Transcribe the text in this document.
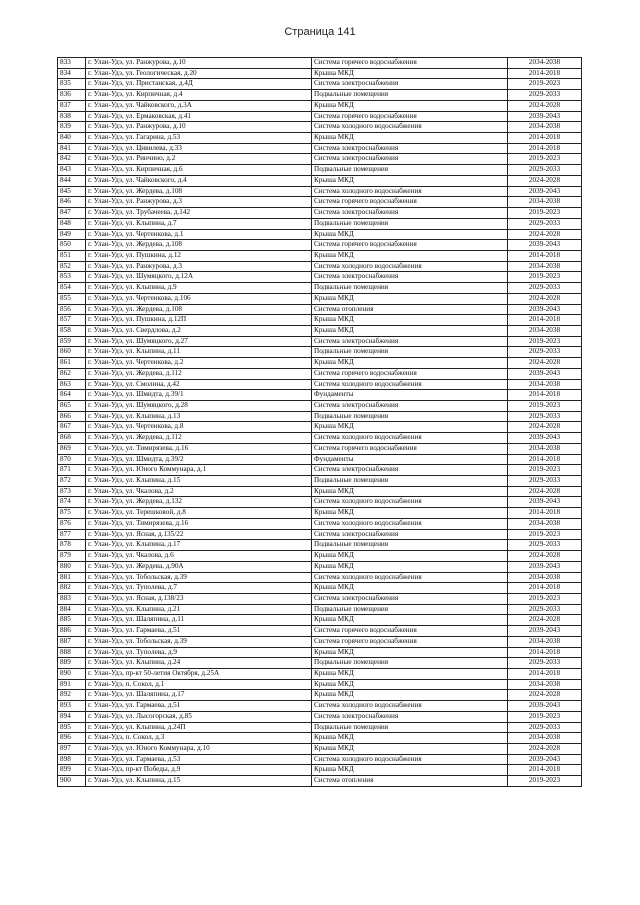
Страница 141
833	г. Улан-Удэ, ул. Ранжурова, д.10	Система горячего водоснабжения	2034-2038
834	г. Улан-Удэ, ул. Геологическая, д.20	Крыша МКД	2014-2018
835	г. Улан-Удэ, ул. Пристанская, д.4Д	Система электроснабжения	2019-2023
836	г. Улан-Удэ, ул. Кирпичная, д.4	Подвальные помещения	2029-2033
837	г. Улан-Удэ, ул. Чайковского, д.3А	Крыша МКД	2024-2028
838	г. Улан-Удэ, ул. Ермаковская, д.41	Система горячего водоснабжения	2039-2043
839	г. Улан-Удэ, ул. Ранжурова, д.10	Система холодного водоснабжения	2034-2038
840	г. Улан-Удэ, ул. Гагарина, д.53	Крыша МКД	2014-2018
841	г. Улан-Удэ, ул. Цивилева, д.33	Система электроснабжения	2014-2018
842	г. Улан-Удэ, ул. Ринчино, д.2	Система электроснабжения	2019-2023
843	г. Улан-Удэ, ул. Кирпичная, д.6	Подвальные помещения	2029-2033
844	г. Улан-Удэ, ул. Чайковского, д.4	Крыша МКД	2024-2028
845	г. Улан-Удэ, ул. Жердева, д.108	Система холодного водоснабжения	2039-2043
846	г. Улан-Удэ, ул. Ранжурова, д.3	Система горячего водоснабжения	2034-2038
847	г. Улан-Удэ, ул. Трубачеева, д.142	Система электроснабжения	2019-2023
848	г. Улан-Удэ, ул. Клыпина, д.7	Подвальные помещения	2029-2033
849	г. Улан-Удэ, ул. Чертенкова, д.1	Крыша МКД	2024-2028
850	г. Улан-Удэ, ул. Жердева, д.108	Система горячего водоснабжения	2039-2043
851	г. Улан-Удэ, ул. Пушкина, д.12	Крыша МКД	2014-2018
852	г. Улан-Удэ, ул. Ранжурова, д.3	Система холодного водоснабжения	2034-2038
853	г. Улан-Удэ, ул. Шумяцкого, д.12А	Система электроснабжения	2019-2023
854	г. Улан-Удэ, ул. Клыпина, д.9	Подвальные помещения	2029-2033
855	г. Улан-Удэ, ул. Чертенкова, д.106	Крыша МКД	2024-2028
856	г. Улан-Удэ, ул. Жердева, д.108	Система отопления	2039-2043
857	г. Улан-Удэ, ул. Пушкина, д.12П	Крыша МКД	2014-2018
858	г. Улан-Удэ, ул. Свердлова, д.2	Крыша МКД	2034-2038
859	г. Улан-Удэ, ул. Шумяцкого, д.27	Система электроснабжения	2019-2023
860	г. Улан-Удэ, ул. Клыпина, д.11	Подвальные помещения	2029-2033
861	г. Улан-Удэ, ул. Чертенкова, д.2	Крыша МКД	2024-2028
862	г. Улан-Удэ, ул. Жердева, д.112	Система горячего водоснабжения	2039-2043
863	г. Улан-Удэ, ул. Смолина, д.42	Система холодного водоснабжения	2034-2038
864	г. Улан-Удэ, ул. Шмидта, д.39/1	Фундаменты	2014-2018
865	г. Улан-Удэ, ул. Шумяцкого, д.28	Система электроснабжения	2019-2023
866	г. Улан-Удэ, ул. Клыпина, д.13	Подвальные помещения	2029-2033
867	г. Улан-Удэ, ул. Чертенкова, д.8	Крыша МКД	2024-2028
868	г. Улан-Удэ, ул. Жердева, д.112	Система холодного водоснабжения	2039-2043
869	г. Улан-Удэ, ул. Тимирязева, д.16	Система горячего водоснабжения	2034-2038
870	г. Улан-Удэ, ул. Шмидта, д.39/2	Фундаменты	2014-2018
871	г. Улан-Удэ, ул. Юного Коммунара, д.1	Система электроснабжения	2019-2023
872	г. Улан-Удэ, ул. Клыпина, д.15	Подвальные помещения	2029-2033
873	г. Улан-Удэ, ул. Чкалова, д.2	Крыша МКД	2024-2028
874	г. Улан-Удэ, ул. Жердева, д.132	Система холодного водоснабжения	2039-2043
875	г. Улан-Удэ, ул. Терешковой, д.8	Крыша МКД	2014-2018
876	г. Улан-Удэ, ул. Тимирязева, д.16	Система холодного водоснабжения	2034-2038
877	г. Улан-Удэ, ул. Ясная, д.135/22	Система электроснабжения	2019-2023
878	г. Улан-Удэ, ул. Клыпина, д.17	Подвальные помещения	2029-2033
879	г. Улан-Удэ, ул. Чкалова, д.6	Крыша МКД	2024-2028
880	г. Улан-Удэ, ул. Жердева, д.90А	Крыша МКД	2039-2043
881	г. Улан-Удэ, ул. Тобольская, д.39	Система холодного водоснабжения	2034-2038
882	г. Улан-Удэ, ул. Туполева, д.7	Крыша МКД	2014-2018
883	г. Улан-Удэ, ул. Ясная, д.138/23	Система электроснабжения	2019-2023
884	г. Улан-Удэ, ул. Клыпина, д.21	Подвальные помещения	2029-2033
885	г. Улан-Удэ, ул. Шаляпина, д.11	Крыша МКД	2024-2028
886	г. Улан-Удэ, ул. Гармаева, д.51	Система горячего водоснабжения	2039-2043
887	г. Улан-Удэ, ул. Тобольская, д.39	Система горячего водоснабжения	2034-2038
888	г. Улан-Удэ, ул. Туполева, д.9	Крыша МКД	2014-2018
889	г. Улан-Удэ, ул. Клыпина, д.24	Подвальные помещения	2029-2033
890	г. Улан-Удэ, пр-кт 50-летия Октября, д.25А	Крыша МКД	2014-2018
891	г. Улан-Удэ, п. Сокол, д.1	Крыша МКД	2034-2038
892	г. Улан-Удэ, ул. Шаляпина, д.17	Крыша МКД	2024-2028
893	г. Улан-Удэ, ул. Гармаева, д.51	Система холодного водоснабжения	2039-2043
894	г. Улан-Удэ, ул. Лысогорская, д.85	Система электроснабжения	2019-2023
895	г. Улан-Удэ, ул. Клыпина, д.24П	Подвальные помещения	2029-2033
896	г. Улан-Удэ, п. Сокол, д.3	Крыша МКД	2034-2038
897	г. Улан-Удэ, ул. Юного Коммунара, д.10	Крыша МКД	2024-2028
898	г. Улан-Удэ, ул. Гармаева, д.53	Система холодного водоснабжения	2039-2043
899	г. Улан-Удэ, пр-кт Победы, д.9	Крыша МКД	2014-2018
900	г. Улан-Удэ, ул. Клыпина, д.15	Система отопления	2019-2023
